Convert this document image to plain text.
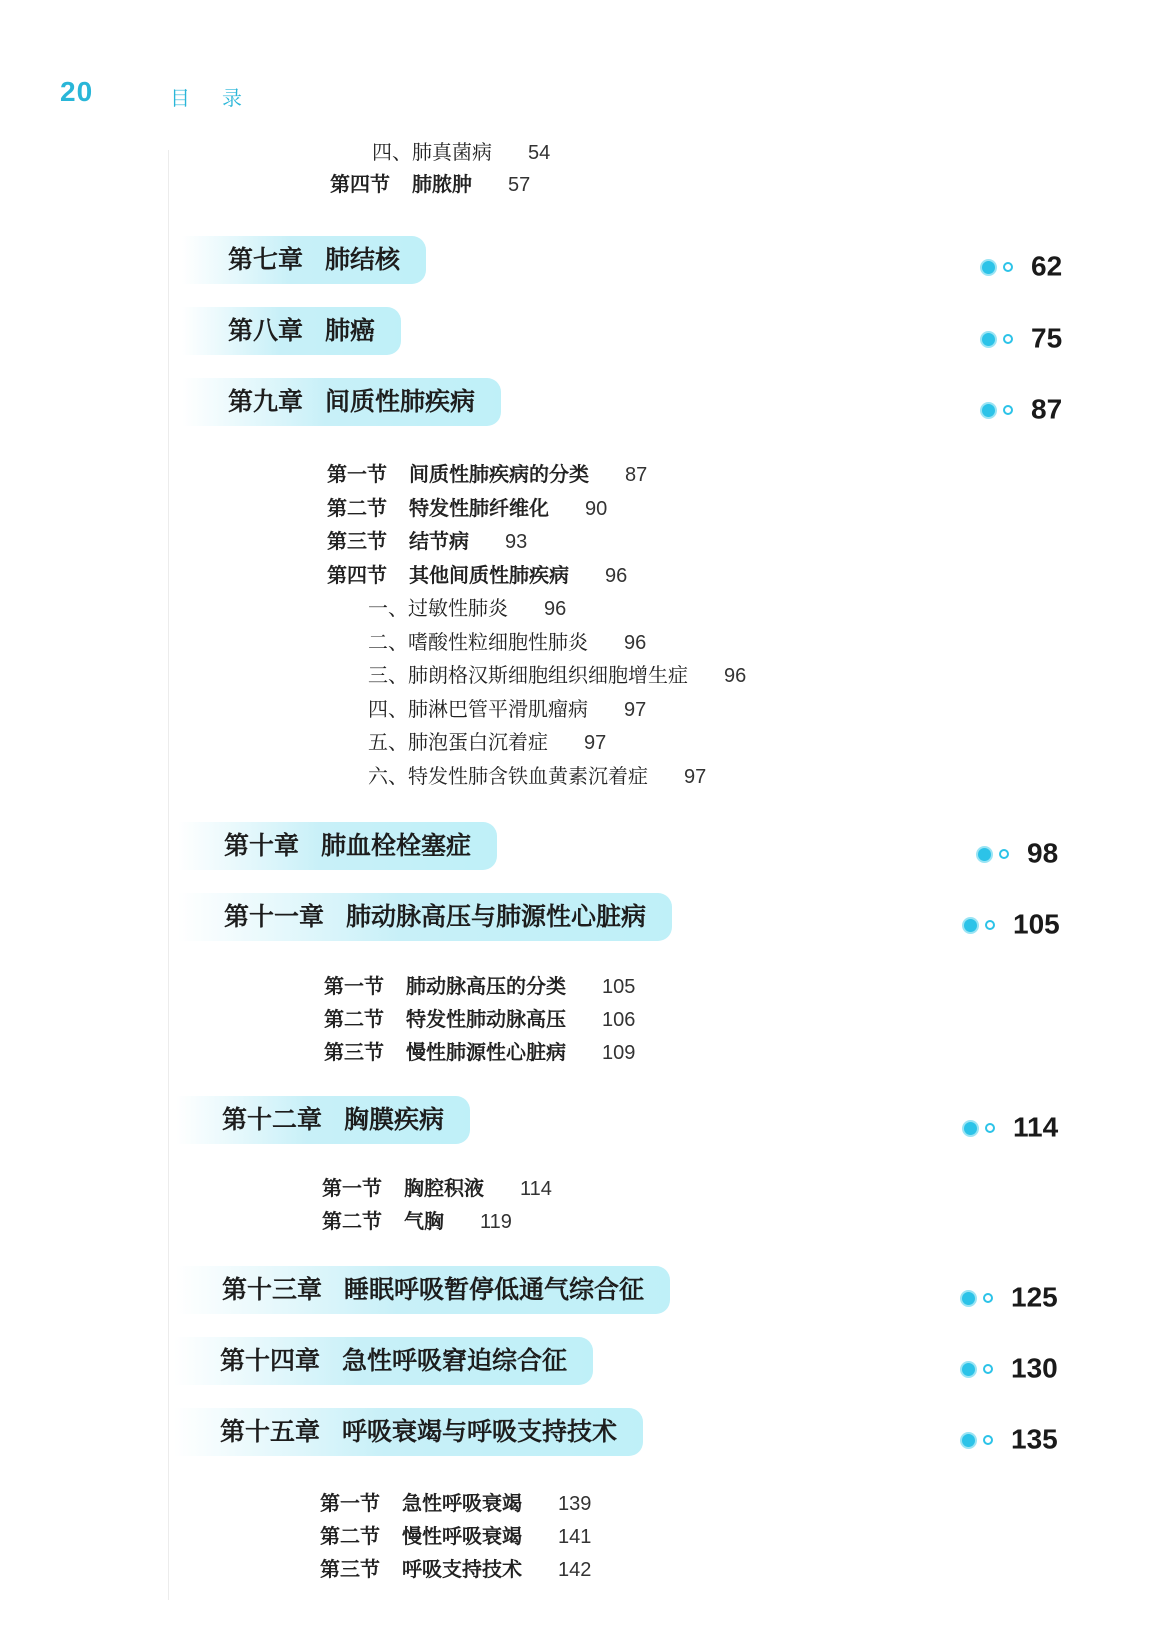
20	目录
四、肺真菌病 54
第四节 肺脓肿 57
第七章 肺结核	62
第八章 肺癌	75
第九章 间质性肺疾病	87
第一节 间质性肺疾病的分类 87
第二节 特发性肺纤维化 90
第三节 结节病 93
第四节 其他间质性肺疾病 96
一、过敏性肺炎 96
二、嗜酸性粒细胞性肺炎 96
三、肺朗格汉斯细胞组织细胞增生症 96
四、肺淋巴管平滑肌瘤病 97
五、肺泡蛋白沉着症 97
六、特发性肺含铁血黄素沉着症 97
第十章 肺血栓栓塞症	98
第十一章 肺动脉高压与肺源性心脏病	105
第一节 肺动脉高压的分类 105
第二节 特发性肺动脉高压 106
第三节 慢性肺源性心脏病 109
第十二章 胸膜疾病	114
第一节 胸腔积液 114
第二节 气胸 119
第十三章 睡眠呼吸暂停低通气综合征	125
第十四章 急性呼吸窘迫综合征	130
第十五章 呼吸衰竭与呼吸支持技术	135
第一节 急性呼吸衰竭 139
第二节 慢性呼吸衰竭 141
第三节 呼吸支持技术 142
